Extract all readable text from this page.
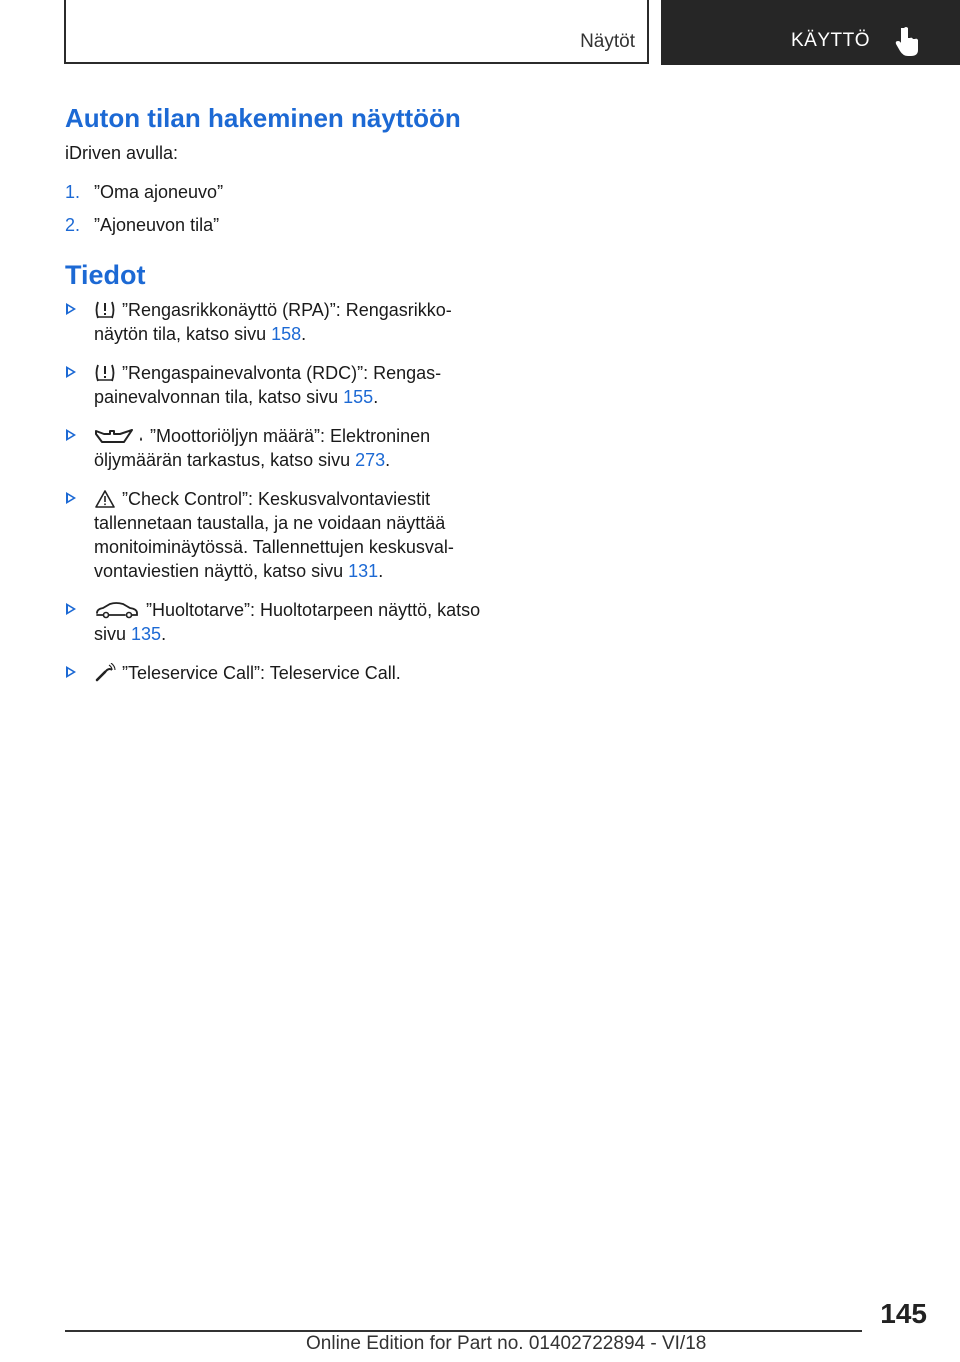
Näytöt	KÄYTTÖ
Auton tilan hakeminen näyttöön
iDriven avulla:
1. ”Oma ajoneuvo”
2. ”Ajoneuvon tila”
Tiedot
”Rengasrikkonäyttö (RPA)”: Rengasrikko-näytön tila, katso sivu 158.
”Rengaspainevalvonta (RDC)”: Rengas-painevalvonnan tila, katso sivu 155.
”Moottoriöljyn määrä”: Elektroninen öljymäärän tarkastus, katso sivu 273.
”Check Control”: Keskusvalvontaviestit tallennetaan taustalla, ja ne voidaan näyttää monitoiminäytössä. Tallennettujen keskusval-vontaviestien näyttö, katso sivu 131.
”Huoltotarve”: Huoltotarpeen näyttö, katso sivu 135.
”Teleservice Call”: Teleservice Call.
145
Online Edition for Part no. 01402722894 - VI/18
